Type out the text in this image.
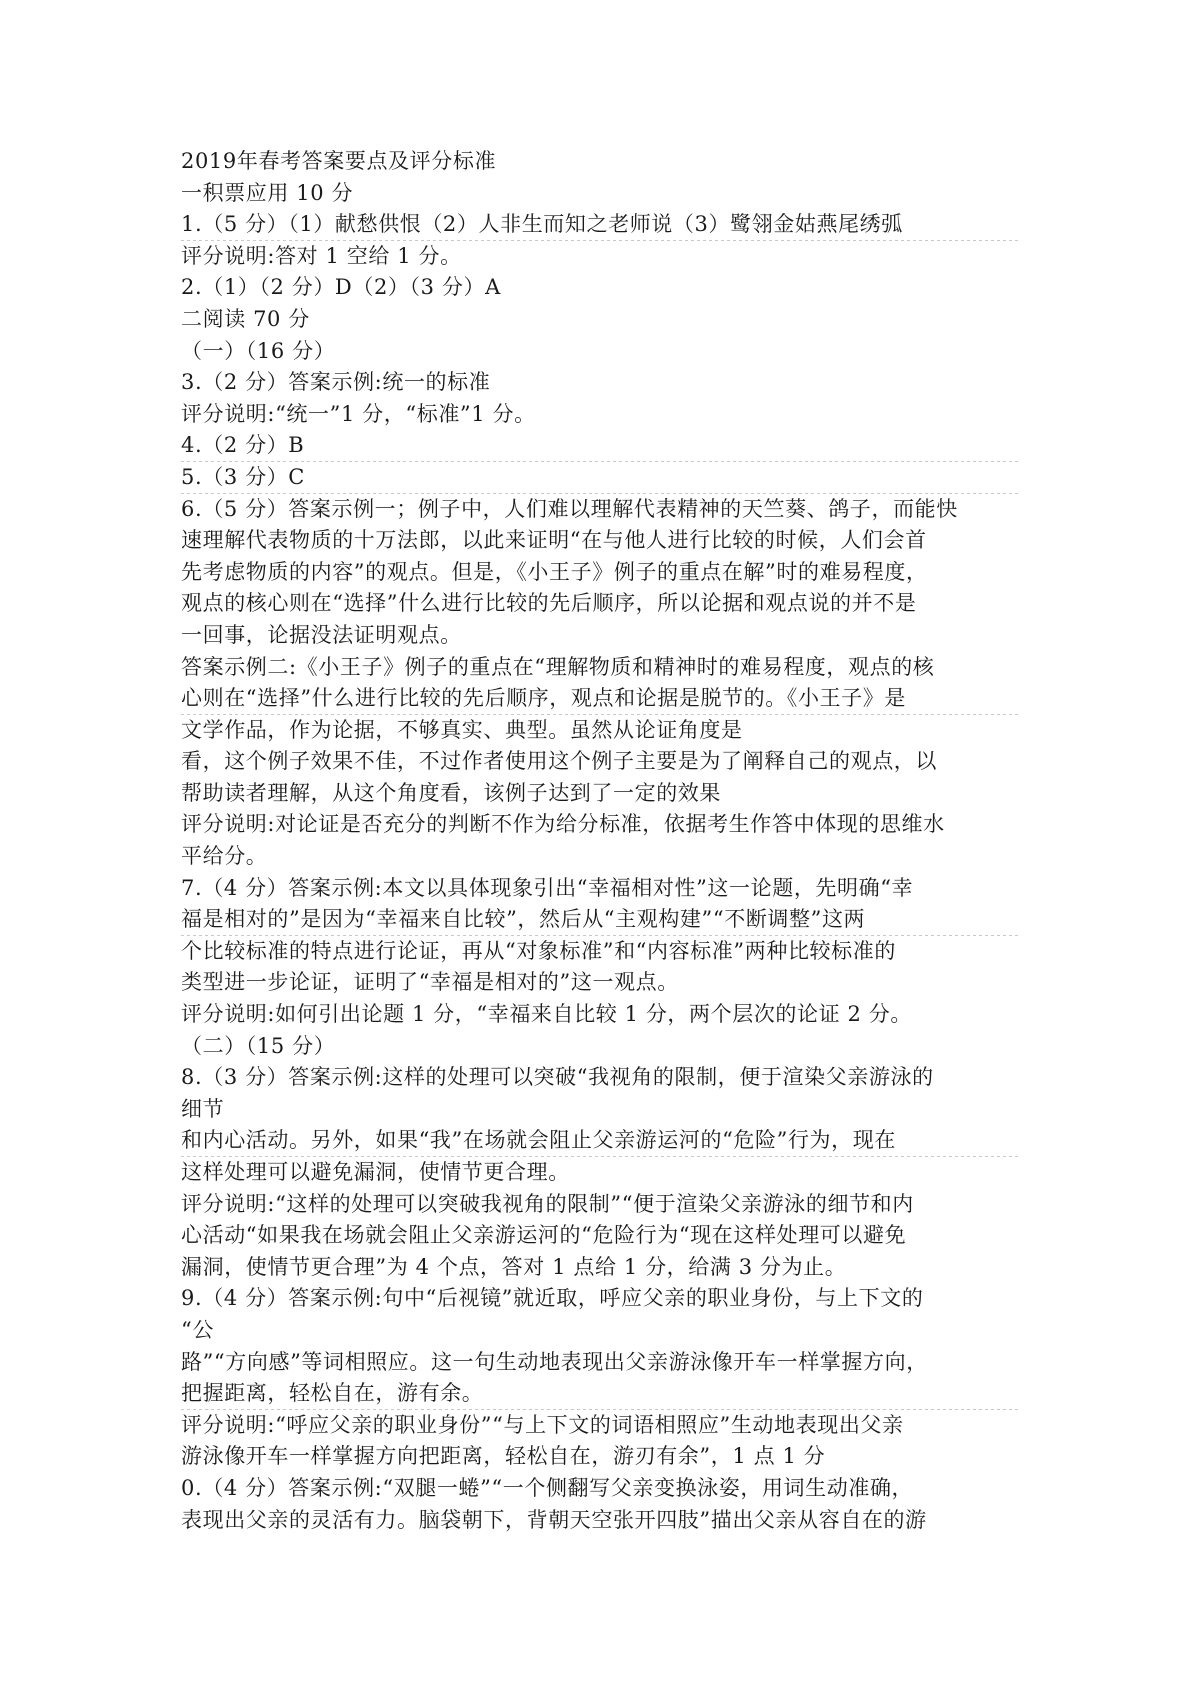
2019年春考答案要点及评分标准
一积票应用 10 分
1.（5 分）（1）献愁供恨（2）人非生而知之老师说（3）鹭翎金姑燕尾绣弧
评分说明:答对 1 空给 1 分。
2.（1）（2 分）D（2）（3 分）A
二阅读 70 分
（一）（16 分）
3.（2 分）答案示例:统一的标准
评分说明:“统一”1 分，“标准”1 分。
4.（2 分）B
5.（3 分）C
6.（5 分）答案示例一；例子中，人们难以理解代表精神的天竺葵、鸽子，而能快
速理解代表物质的十万法郎，以此来证明“在与他人进行比较的时候，人们会首
先考虑物质的内容”的观点。但是，《小王子》例子的重点在解”时的难易程度，
观点的核心则在“选择”什么进行比较的先后顺序，所以论据和观点说的并不是
一回事，论据没法证明观点。
答案示例二:《小王子》例子的重点在“理解物质和精神时的难易程度，观点的核
心则在“选择”什么进行比较的先后顺序，观点和论据是脱节的。《小王子》是
文学作品，作为论据，不够真实、典型。虽然从论证角度是
看，这个例子效果不佳，不过作者使用这个例子主要是为了阐释自己的观点，以
帮助读者理解，从这个角度看，该例子达到了一定的效果
评分说明:对论证是否充分的判断不作为给分标准，依据考生作答中体现的思维水
平给分。
7.（4 分）答案示例:本文以具体现象引出“幸福相对性”这一论题，先明确“幸
福是相对的”是因为“幸福来自比较”，然后从“主观构建”“不断调整”这两
个比较标准的特点进行论证，再从“对象标准”和“内容标准”两种比较标准的
类型进一步论证，证明了“幸福是相对的”这一观点。
评分说明:如何引出论题 1 分，“幸福来自比较 1 分，两个层次的论证 2 分。
（二）（15 分）
8.（3 分）答案示例:这样的处理可以突破“我视角的限制，便于渲染父亲游泳的
细节
和内心活动。另外，如果“我”在场就会阻止父亲游运河的“危险”行为，现在
这样处理可以避免漏洞，使情节更合理。
评分说明:“这样的处理可以突破我视角的限制”“便于渲染父亲游泳的细节和内
心活动“如果我在场就会阻止父亲游运河的“危险行为“现在这样处理可以避免
漏洞，使情节更合理”为 4 个点，答对 1 点给 1 分，给满 3 分为止。
9.（4 分）答案示例:句中“后视镜”就近取，呼应父亲的职业身份，与上下文的
“公
路”“方向感”等词相照应。这一句生动地表现出父亲游泳像开车一样掌握方向，
把握距离，轻松自在，游有余。
评分说明:“呼应父亲的职业身份”“与上下文的词语相照应”生动地表现出父亲
游泳像开车一样掌握方向把距离，轻松自在，游刃有余”，1 点 1 分
0.（4 分）答案示例:“双腿一蜷”“一个侧翻写父亲变换泳姿，用词生动准确，
表现出父亲的灵活有力。脑袋朝下，背朝天空张开四肢”描出父亲从容自在的游
